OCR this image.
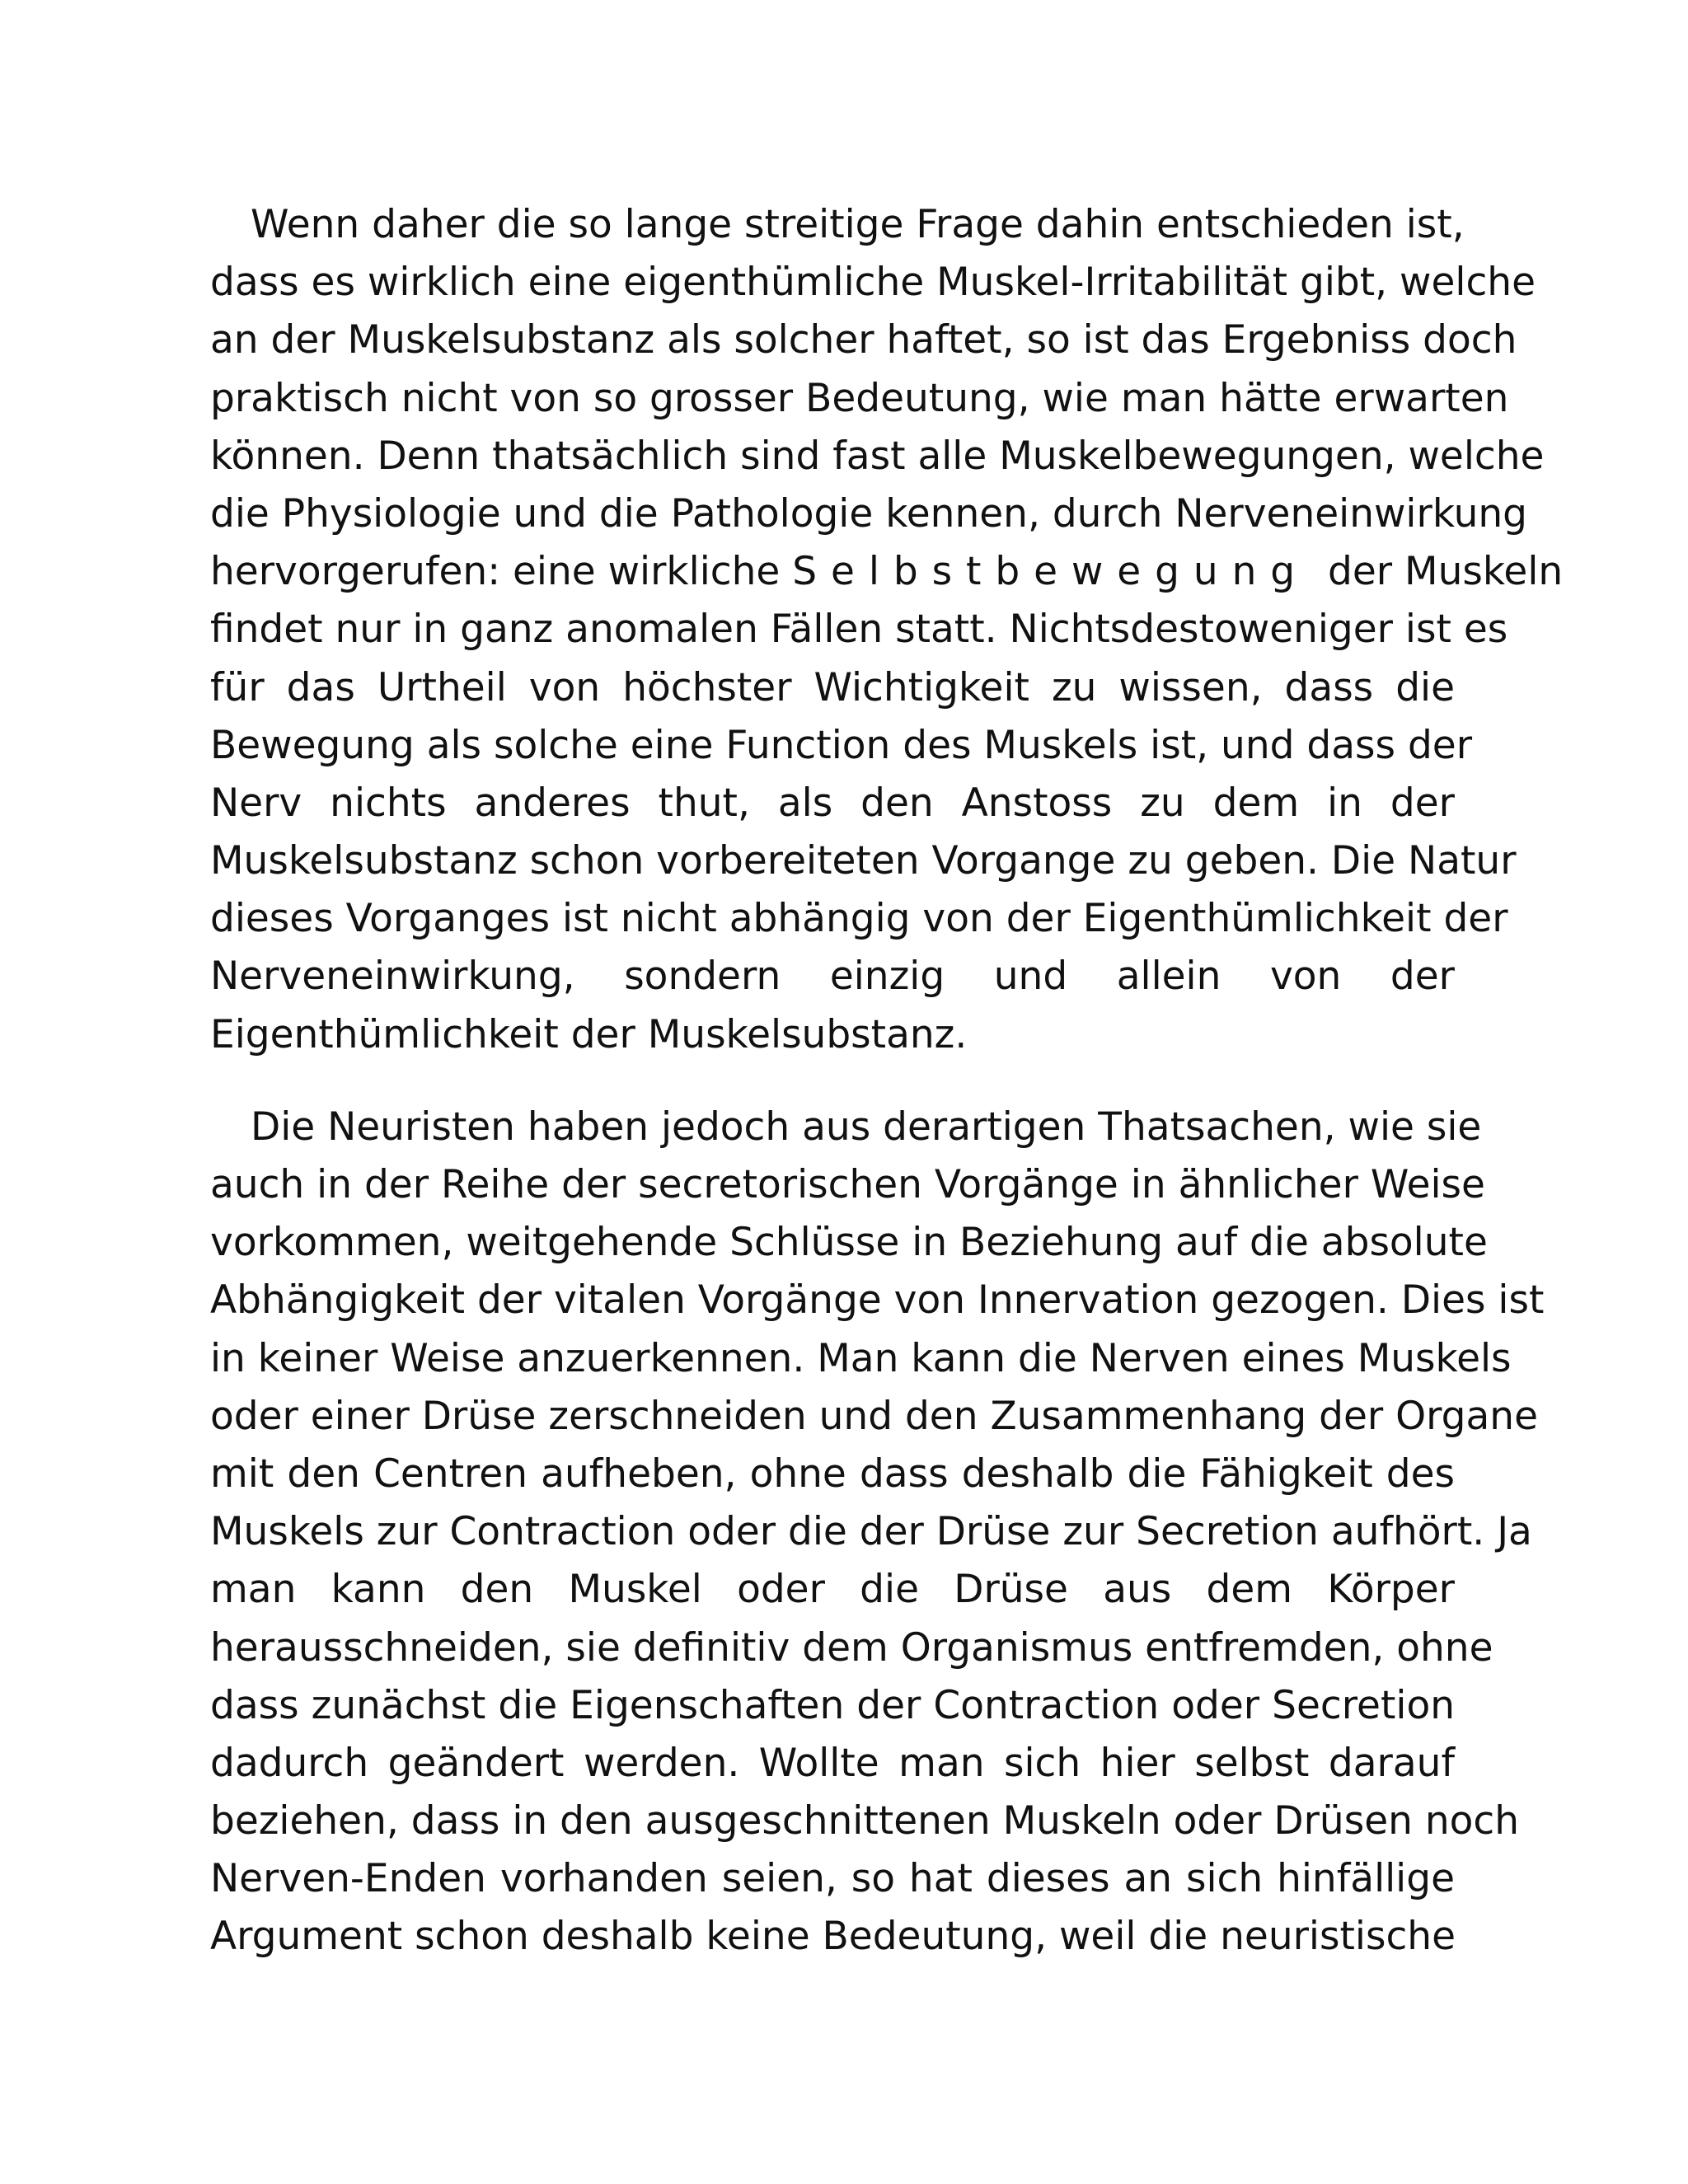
Wenn daher die so lange streitige Frage dahin entschieden ist,
dass es wirklich eine eigenthümliche Muskel-Irritabilität gibt, welche
an der Muskelsubstanz als solcher haftet, so ist das Ergebniss doch
praktisch nicht von so grosser Bedeutung, wie man hätte erwarten
können. Denn thatsächlich sind fast alle Muskelbewegungen, welche
die Physiologie und die Pathologie kennen, durch Nerveneinwirkung
hervorgerufen: eine wirkliche Selbstbewegung der Muskeln
findet nur in ganz anomalen Fällen statt. Nichtsdestoweniger ist es
für das Urtheil von höchster Wichtigkeit zu wissen, dass die
Bewegung als solche eine Function des Muskels ist, und dass der
Nerv nichts anderes thut, als den Anstoss zu dem in der
Muskelsubstanz schon vorbereiteten Vorgange zu geben. Die Natur
dieses Vorganges ist nicht abhängig von der Eigenthümlichkeit der
Nerveneinwirkung, sondern einzig und allein von der
Eigenthümlichkeit der Muskelsubstanz.
Die Neuristen haben jedoch aus derartigen Thatsachen, wie sie
auch in der Reihe der secretorischen Vorgänge in ähnlicher Weise
vorkommen, weitgehende Schlüsse in Beziehung auf die absolute
Abhängigkeit der vitalen Vorgänge von Innervation gezogen. Dies ist
in keiner Weise anzuerkennen. Man kann die Nerven eines Muskels
oder einer Drüse zerschneiden und den Zusammenhang der Organe
mit den Centren aufheben, ohne dass deshalb die Fähigkeit des
Muskels zur Contraction oder die der Drüse zur Secretion aufhört. Ja
man kann den Muskel oder die Drüse aus dem Körper
herausschneiden, sie definitiv dem Organismus entfremden, ohne
dass zunächst die Eigenschaften der Contraction oder Secretion
dadurch geändert werden. Wollte man sich hier selbst darauf
beziehen, dass in den ausgeschnittenen Muskeln oder Drüsen noch
Nerven-Enden vorhanden seien, so hat dieses an sich hinfällige
Argument schon deshalb keine Bedeutung, weil die neuristische
